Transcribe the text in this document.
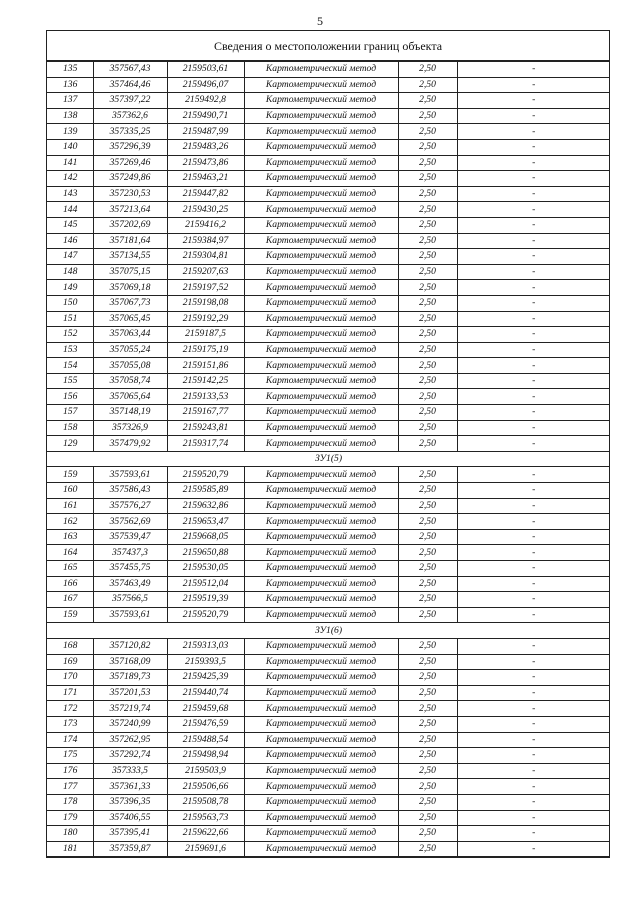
5
Сведения о местоположении границ объекта
135	357567,43	2159503,61	Картометрический метод	2,50	-
136	357464,46	2159496,07	Картометрический метод	2,50	-
137	357397,22	2159492,8	Картометрический метод	2,50	-
138	357362,6	2159490,71	Картометрический метод	2,50	-
139	357335,25	2159487,99	Картометрический метод	2,50	-
140	357296,39	2159483,26	Картометрический метод	2,50	-
141	357269,46	2159473,86	Картометрический метод	2,50	-
142	357249,86	2159463,21	Картометрический метод	2,50	-
143	357230,53	2159447,82	Картометрический метод	2,50	-
144	357213,64	2159430,25	Картометрический метод	2,50	-
145	357202,69	2159416,2	Картометрический метод	2,50	-
146	357181,64	2159384,97	Картометрический метод	2,50	-
147	357134,55	2159304,81	Картометрический метод	2,50	-
148	357075,15	2159207,63	Картометрический метод	2,50	-
149	357069,18	2159197,52	Картометрический метод	2,50	-
150	357067,73	2159198,08	Картометрический метод	2,50	-
151	357065,45	2159192,29	Картометрический метод	2,50	-
152	357063,44	2159187,5	Картометрический метод	2,50	-
153	357055,24	2159175,19	Картометрический метод	2,50	-
154	357055,08	2159151,86	Картометрический метод	2,50	-
155	357058,74	2159142,25	Картометрический метод	2,50	-
156	357065,64	2159133,53	Картометрический метод	2,50	-
157	357148,19	2159167,77	Картометрический метод	2,50	-
158	357326,9	2159243,81	Картометрический метод	2,50	-
129	357479,92	2159317,74	Картометрический метод	2,50	-
ЗУ1(5)					
159	357593,61	2159520,79	Картометрический метод	2,50	-
160	357586,43	2159585,89	Картометрический метод	2,50	-
161	357576,27	2159632,86	Картометрический метод	2,50	-
162	357562,69	2159653,47	Картометрический метод	2,50	-
163	357539,47	2159668,05	Картометрический метод	2,50	-
164	357437,3	2159650,88	Картометрический метод	2,50	-
165	357455,75	2159530,05	Картометрический метод	2,50	-
166	357463,49	2159512,04	Картометрический метод	2,50	-
167	357566,5	2159519,39	Картометрический метод	2,50	-
159	357593,61	2159520,79	Картометрический метод	2,50	-
ЗУ1(6)					
168	357120,82	2159313,03	Картометрический метод	2,50	-
169	357168,09	2159393,5	Картометрический метод	2,50	-
170	357189,73	2159425,39	Картометрический метод	2,50	-
171	357201,53	2159440,74	Картометрический метод	2,50	-
172	357219,74	2159459,68	Картометрический метод	2,50	-
173	357240,99	2159476,59	Картометрический метод	2,50	-
174	357262,95	2159488,54	Картометрический метод	2,50	-
175	357292,74	2159498,94	Картометрический метод	2,50	-
176	357333,5	2159503,9	Картометрический метод	2,50	-
177	357361,33	2159506,66	Картометрический метод	2,50	-
178	357396,35	2159508,78	Картометрический метод	2,50	-
179	357406,55	2159563,73	Картометрический метод	2,50	-
180	357395,41	2159622,66	Картометрический метод	2,50	-
181	357359,87	2159691,6	Картометрический метод	2,50	-
